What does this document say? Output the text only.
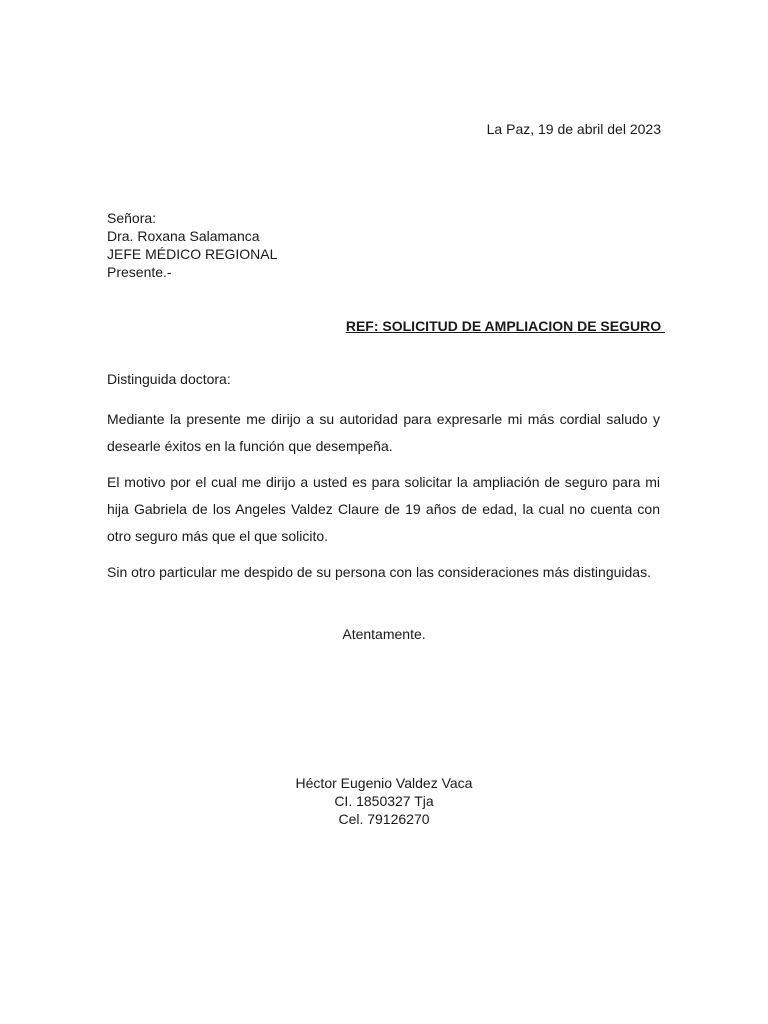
La Paz, 19 de abril del 2023
Señora:
Dra. Roxana Salamanca
JEFE MÉDICO REGIONAL
Presente.-
REF: SOLICITUD DE AMPLIACION DE SEGURO
Distinguida doctora:

Mediante la presente me dirijo a su autoridad para expresarle mi más cordial saludo y desearle éxitos en la función que desempeña.

El motivo por el cual me dirijo a usted es para solicitar la ampliación de seguro para mi hija Gabriela de los Angeles Valdez Claure de 19 años de edad, la cual no cuenta con otro seguro más que el que solicito.

Sin otro particular me despido de su persona con las consideraciones más distinguidas.

Atentamente.
Héctor Eugenio Valdez Vaca
CI. 1850327 Tja
Cel. 79126270
